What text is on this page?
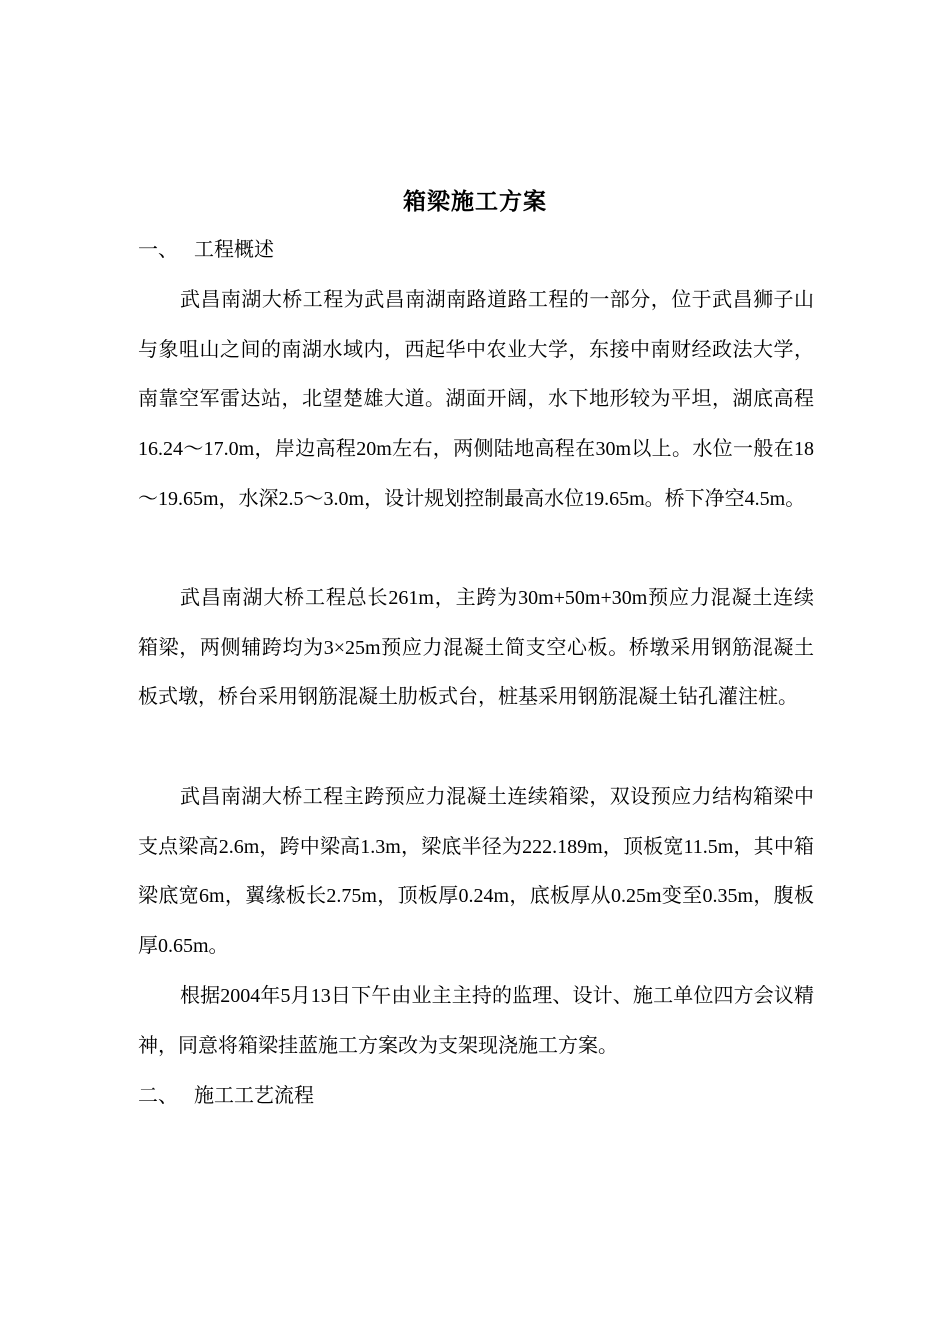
箱梁施工方案
一、 工程概述

武昌南湖大桥工程为武昌南湖南路道路工程的一部分，位于武昌狮子山与象咀山之间的南湖水域内，西起华中农业大学，东接中南财经政法大学，南靠空军雷达站，北望楚雄大道。湖面开阔，水下地形较为平坦，湖底高程16.24～17.0m，岸边高程20m左右，两侧陆地高程在30m以上。水位一般在18～19.65m，水深2.5～3.0m，设计规划控制最高水位19.65m。桥下净空4.5m。

武昌南湖大桥工程总长261m，主跨为30m+50m+30m预应力混凝土连续箱梁，两侧辅跨均为3×25m预应力混凝土简支空心板。桥墩采用钢筋混凝土板式墩，桥台采用钢筋混凝土肋板式台，桩基采用钢筋混凝土钻孔灌注桩。

武昌南湖大桥工程主跨预应力混凝土连续箱梁，双设预应力结构箱梁中支点梁高2.6m，跨中梁高1.3m，梁底半径为222.189m，顶板宽11.5m，其中箱梁底宽6m，翼缘板长2.75m，顶板厚0.24m，底板厚从0.25m变至0.35m，腹板厚0.65m。

根据2004年5月13日下午由业主主持的监理、设计、施工单位四方会议精神，同意将箱梁挂蓝施工方案改为支架现浇施工方案。

二、 施工工艺流程
